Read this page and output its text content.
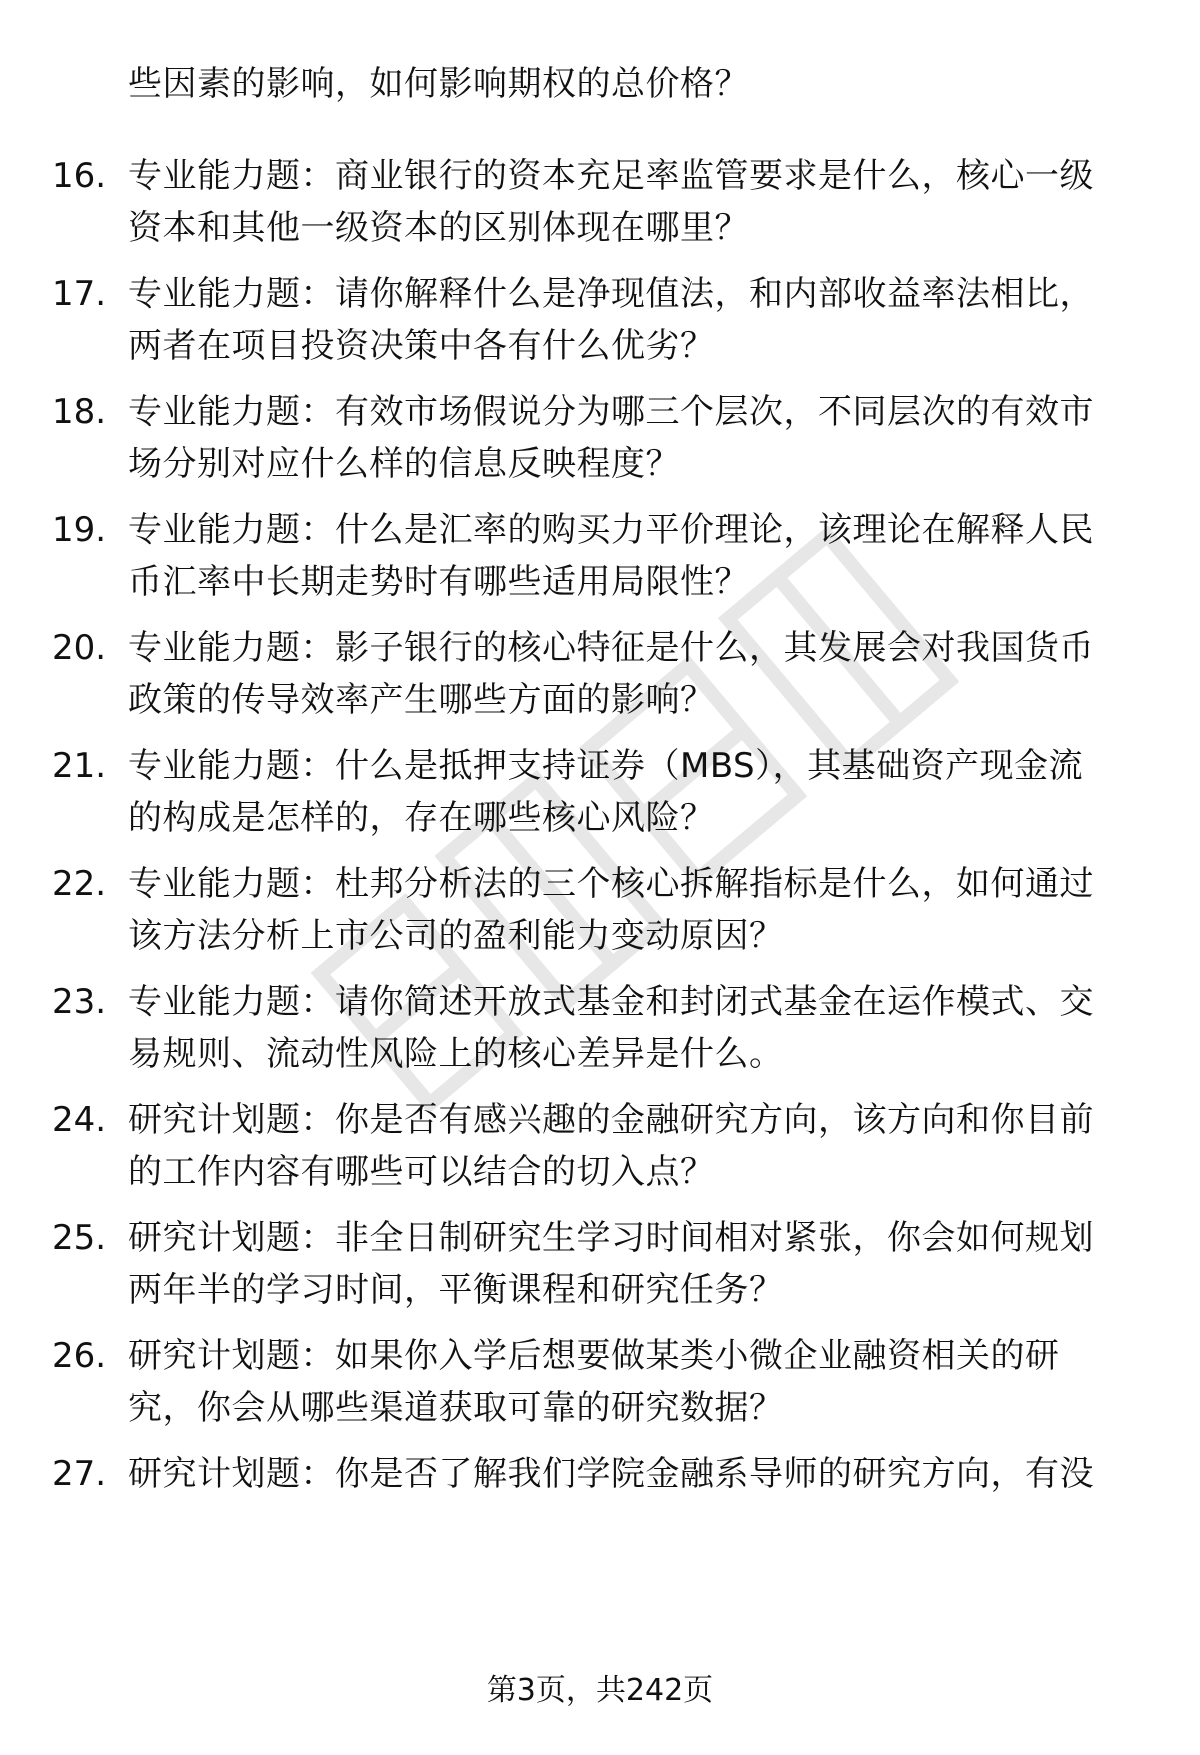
些因素的影响，如何影响期权的总价格？

16. 专业能力题：商业银行的资本充足率监管要求是什么，核心一级
资本和其他一级资本的区别体现在哪里？

17. 专业能力题：请你解释什么是净现值法，和内部收益率法相比，
两者在项目投资决策中各有什么优劣？

18. 专业能力题：有效市场假说分为哪三个层次，不同层次的有效市
场分别对应什么样的信息反映程度？

19. 专业能力题：什么是汇率的购买力平价理论，该理论在解释人民
币汇率中长期走势时有哪些适用局限性？

20. 专业能力题：影子银行的核心特征是什么，其发展会对我国货币
政策的传导效率产生哪些方面的影响？

21. 专业能力题：什么是抵押支持证券（MBS），其基础资产现金流
的构成是怎样的，存在哪些核心风险？

22. 专业能力题：杜邦分析法的三个核心拆解指标是什么，如何通过
该方法分析上市公司的盈利能力变动原因？

23. 专业能力题：请你简述开放式基金和封闭式基金在运作模式、交
易规则、流动性风险上的核心差异是什么。

24. 研究计划题：你是否有感兴趣的金融研究方向，该方向和你目前
的工作内容有哪些可以结合的切入点？

25. 研究计划题：非全日制研究生学习时间相对紧张，你会如何规划
两年半的学习时间，平衡课程和研究任务？

26. 研究计划题：如果你入学后想要做某类小微企业融资相关的研
究，你会从哪些渠道获取可靠的研究数据？

27. 研究计划题：你是否了解我们学院金融系导师的研究方向，有没

第3页，共242页
